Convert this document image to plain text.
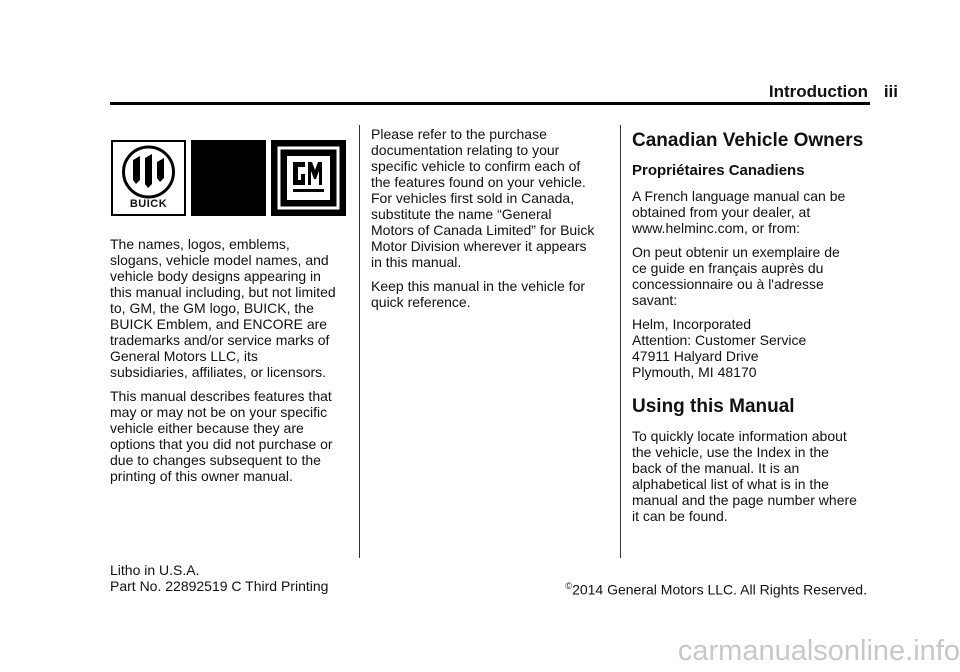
Introduction iii
BUICK

The names, logos, emblems,
slogans, vehicle model names, and
vehicle body designs appearing in
this manual including, but not limited
to, GM, the GM logo, BUICK, the
BUICK Emblem, and ENCORE are
trademarks and/or service marks of
General Motors LLC, its
subsidiaries, affiliates, or licensors.

This manual describes features that
may or may not be on your specific
vehicle either because they are
options that you did not purchase or
due to changes subsequent to the
printing of this owner manual.

Please refer to the purchase
documentation relating to your
specific vehicle to confirm each of
the features found on your vehicle.
For vehicles first sold in Canada,
substitute the name “General
Motors of Canada Limited” for Buick
Motor Division wherever it appears
in this manual.

Keep this manual in the vehicle for
quick reference.

Canadian Vehicle Owners
Propriétaires Canadiens

A French language manual can be
obtained from your dealer, at
www.helminc.com, or from:

On peut obtenir un exemplaire de
ce guide en français auprès du
concessionnaire ou à l'adresse
savant:

Helm, Incorporated
Attention: Customer Service
47911 Halyard Drive
Plymouth, MI 48170

Using this Manual

To quickly locate information about
the vehicle, use the Index in the
back of the manual. It is an
alphabetical list of what is in the
manual and the page number where
it can be found.

Litho in U.S.A.
Part No. 22892519 C Third Printing	©2014 General Motors LLC. All Rights Reserved.
carmanualsonline.info
